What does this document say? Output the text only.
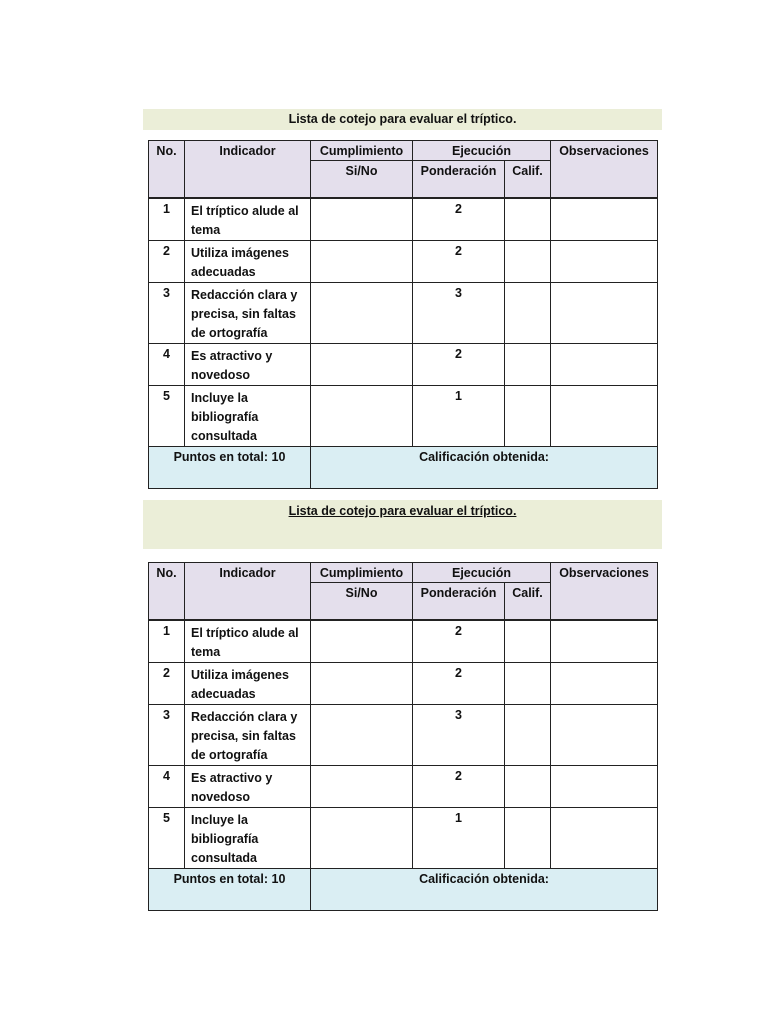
Lista de cotejo para evaluar el tríptico.
No.	Indicador	Cumplimiento	Ejecución		Observaciones
		Si/No	Ponderación	Calif.	
1	El tríptico alude al tema		2		
2	Utiliza imágenes adecuadas		2		
3	Redacción clara y precisa, sin faltas de ortografía		3		
4	Es atractivo y novedoso		2		
5	Incluye la bibliografía consultada		1		
Puntos en total: 10		Calificación obtenida:			
Lista de cotejo para evaluar el tríptico.
No.	Indicador	Cumplimiento	Ejecución		Observaciones
		Si/No	Ponderación	Calif.	
1	El tríptico alude al tema		2		
2	Utiliza imágenes adecuadas		2		
3	Redacción clara y precisa, sin faltas de ortografía		3		
4	Es atractivo y novedoso		2		
5	Incluye la bibliografía consultada		1		
Puntos en total: 10		Calificación obtenida:			
